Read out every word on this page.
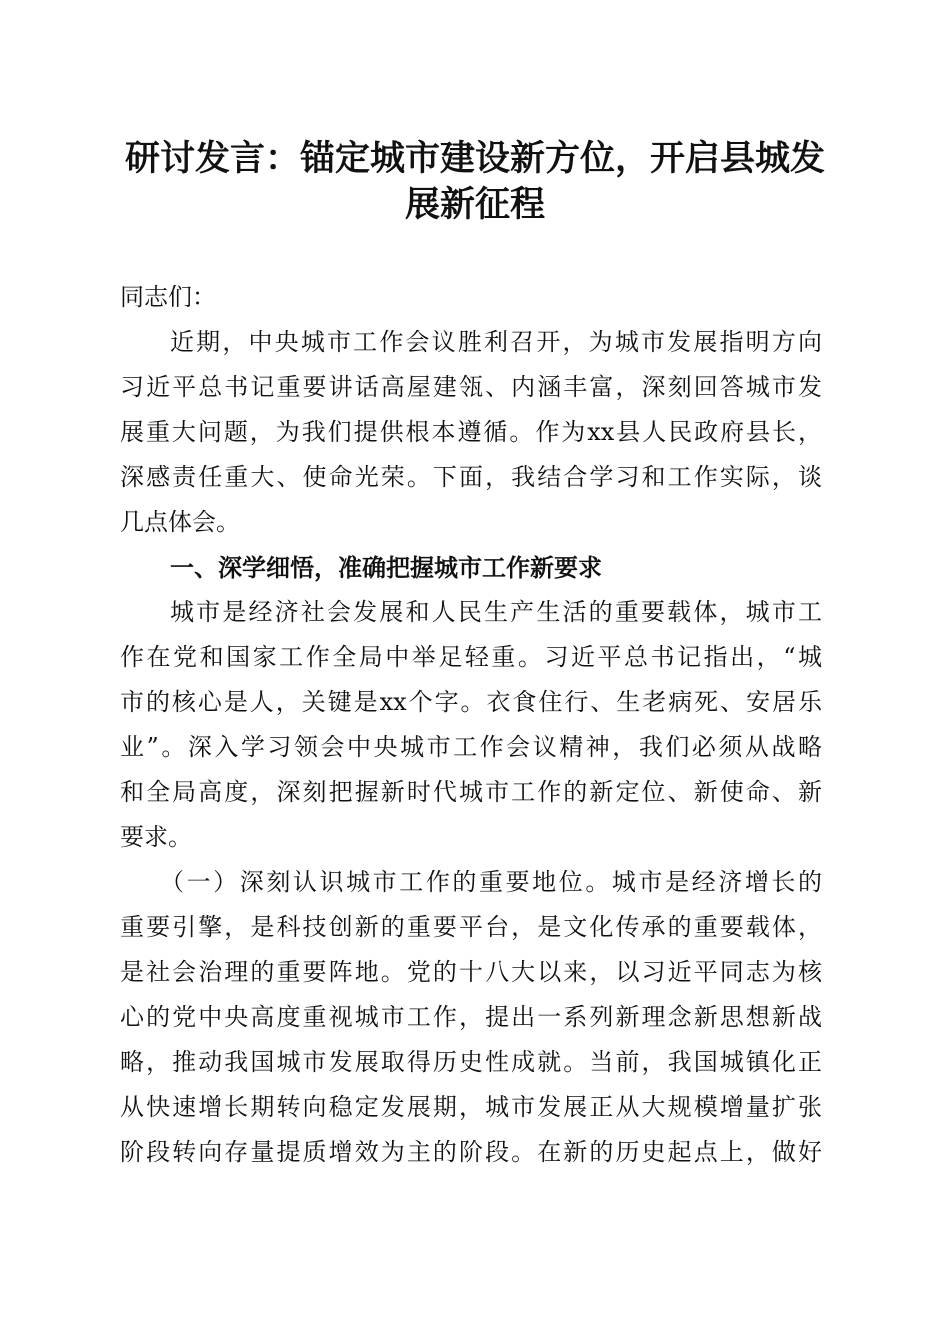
研讨发言：锚定城市建设新方位，开启县城发
展新征程
同志们：
近期，中央城市工作会议胜利召开，为城市发展指明方向
习近平总书记重要讲话高屋建瓴、内涵丰富，深刻回答城市发
展重大问题，为我们提供根本遵循。作为xx县人民政府县长，
深感责任重大、使命光荣。下面，我结合学习和工作实际，谈
几点体会。
一、深学细悟，准确把握城市工作新要求
城市是经济社会发展和人民生产生活的重要载体，城市工
作在党和国家工作全局中举足轻重。习近平总书记指出，“城
市的核心是人，关键是xx个字。衣食住行、生老病死、安居乐
业”。深入学习领会中央城市工作会议精神，我们必须从战略
和全局高度，深刻把握新时代城市工作的新定位、新使命、新
要求。
（一）深刻认识城市工作的重要地位。城市是经济增长的
重要引擎，是科技创新的重要平台，是文化传承的重要载体，
是社会治理的重要阵地。党的十八大以来，以习近平同志为核
心的党中央高度重视城市工作，提出一系列新理念新思想新战
略，推动我国城市发展取得历史性成就。当前，我国城镇化正
从快速增长期转向稳定发展期，城市发展正从大规模增量扩张
阶段转向存量提质增效为主的阶段。在新的历史起点上，做好
